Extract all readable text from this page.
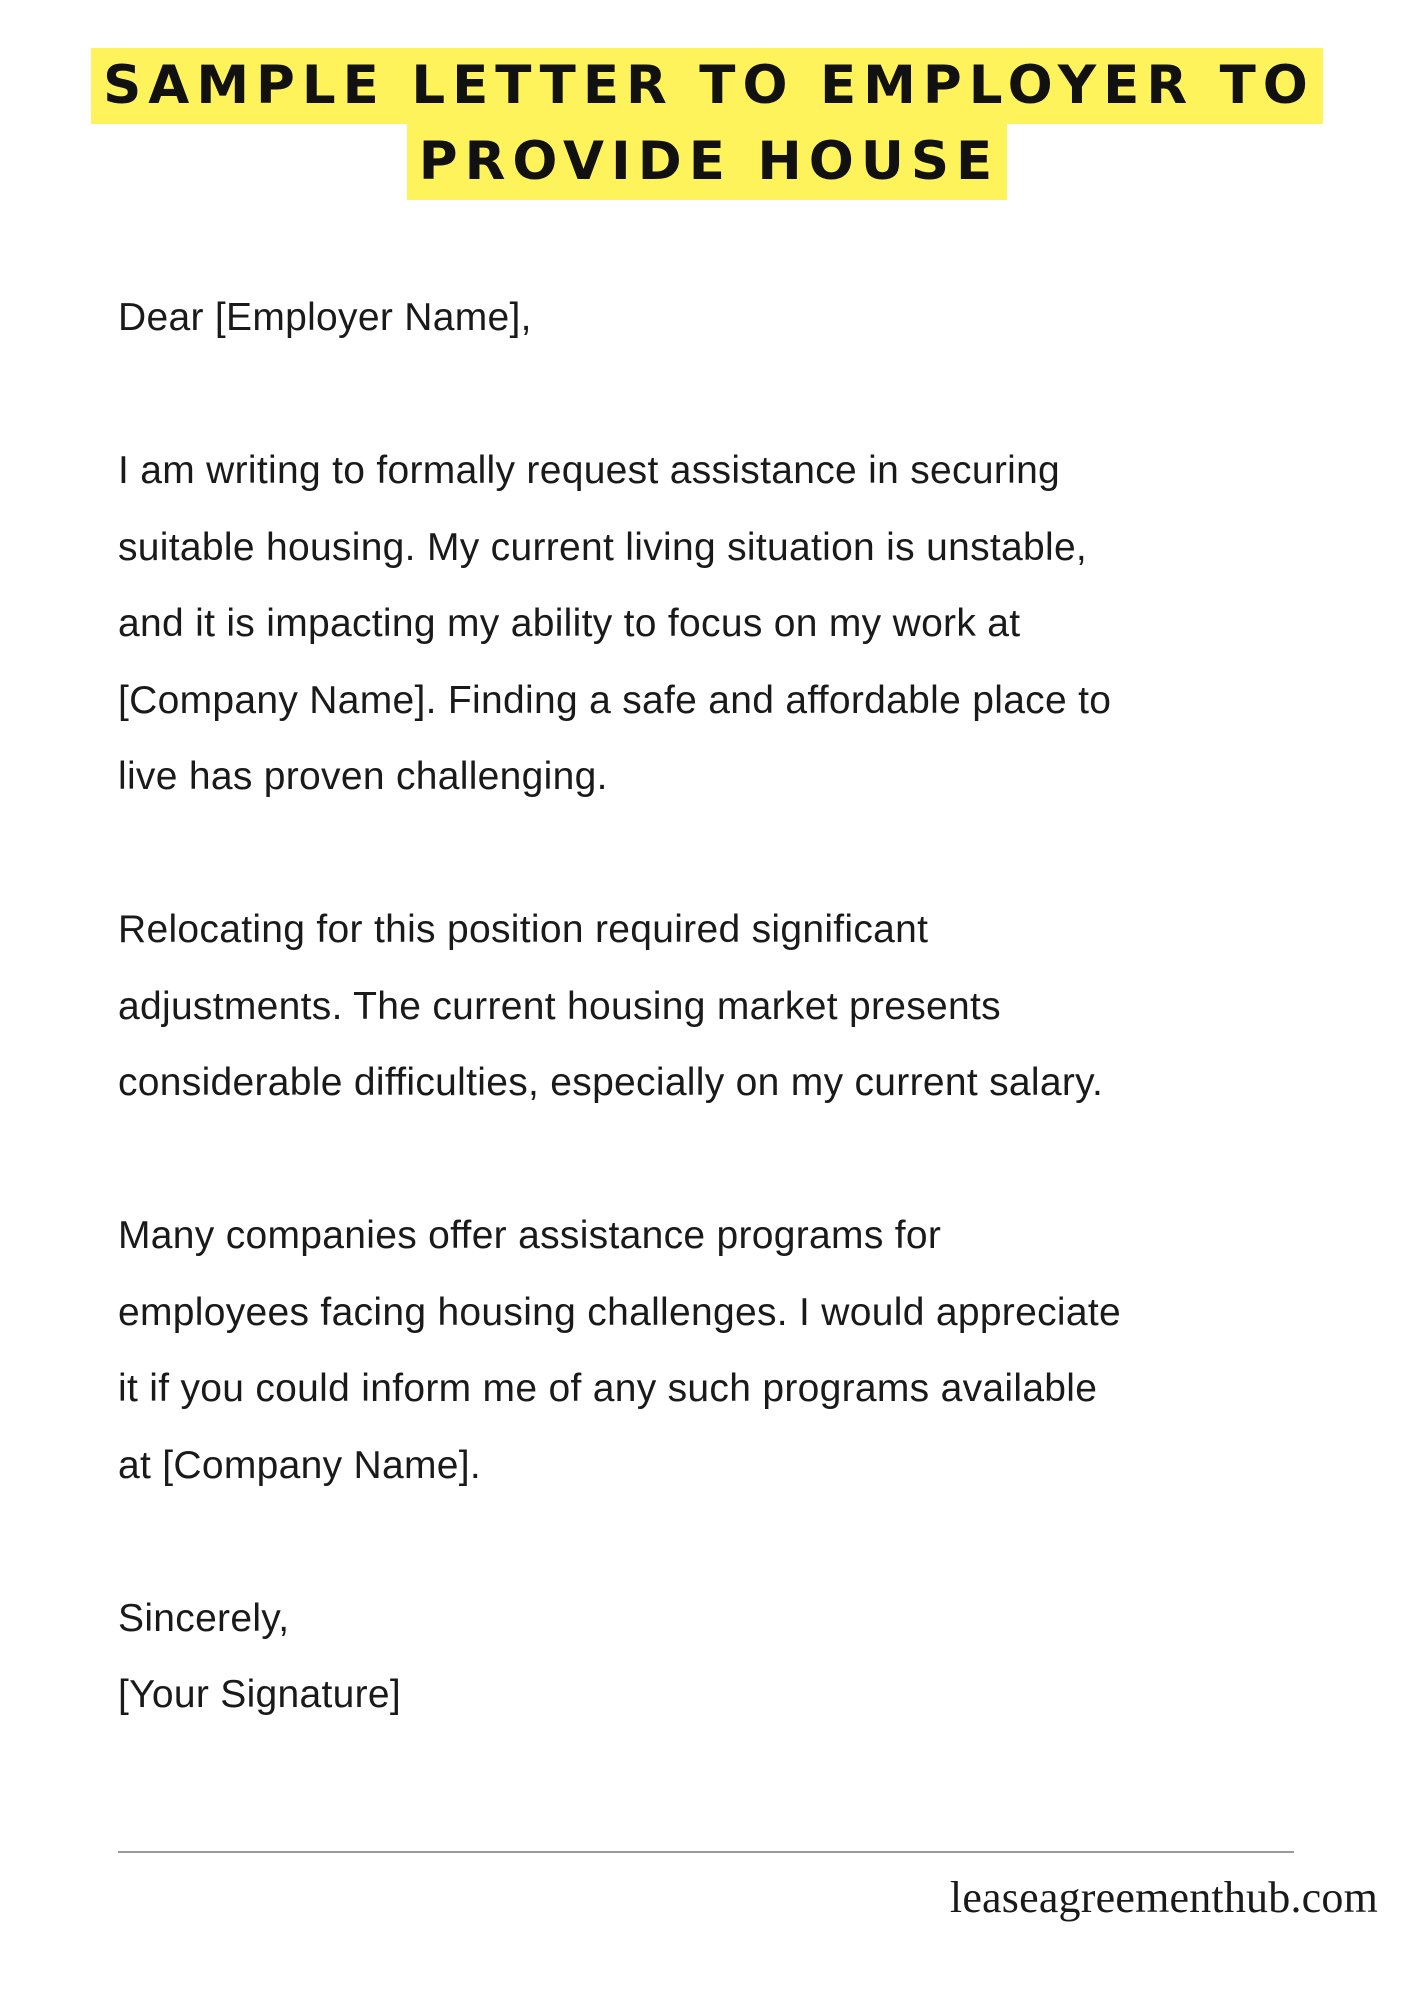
SAMPLE LETTER TO EMPLOYER TO
PROVIDE HOUSE

Dear [Employer Name],

I am writing to formally request assistance in securing

suitable housing. My current living situation is unstable,

and it is impacting my ability to focus on my work at

[Company Name]. Finding a safe and affordable place to

live has proven challenging.

Relocating for this position required significant

adjustments. The current housing market presents

considerable difficulties, especially on my current salary.

Many companies offer assistance programs for

employees facing housing challenges. I would appreciate

it if you could inform me of any such programs available

at [Company Name].

Sincerely,

[Your Signature]

leaseagreementhub.com
